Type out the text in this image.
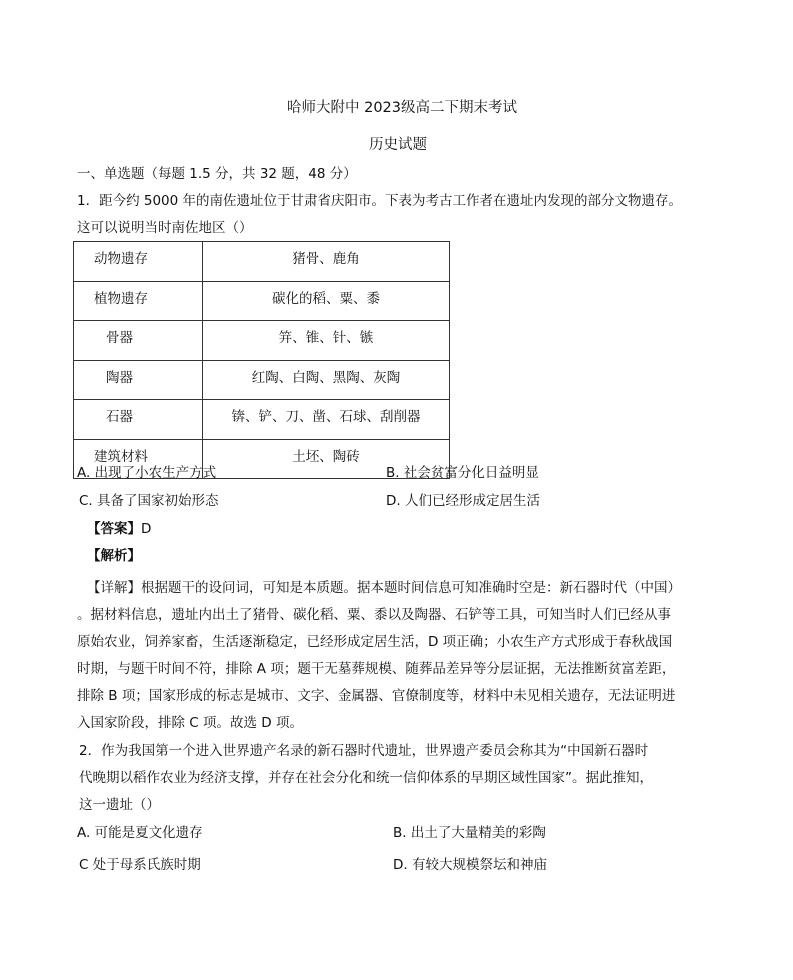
哈师大附中 2023级高二下期末考试
历史试题
一、单选题（每题 1.5 分，共 32 题，48 分）
1．距今约 5000 年的南佐遗址位于甘肃省庆阳市。下表为考古工作者在遗址内发现的部分文物遗存。
这可以说明当时南佐地区（）
动物遗存	猪骨、鹿角
植物遗存	碳化的稻、粟、黍
骨器	笄、锥、针、镞
陶器	红陶、白陶、黑陶、灰陶
石器	锛、铲、刀、凿、石球、刮削器
建筑材料	土坯、陶砖
A. 出现了小农生产方式	B. 社会贫富分化日益明显
C. 具备了国家初始形态	D. 人们已经形成定居生活
【答案】D
【解析】
【详解】根据题干的设问词，可知是本质题。据本题时间信息可知准确时空是：新石器时代（中国）
。据材料信息，遗址内出土了猪骨、碳化稻、粟、黍以及陶器、石铲等工具，可知当时人们已经从事
原始农业，饲养家畜，生活逐渐稳定，已经形成定居生活，D 项正确；小农生产方式形成于春秋战国
时期，与题干时间不符，排除 A 项；题干无墓葬规模、随葬品差异等分层证据，无法推断贫富差距，
排除 B 项；国家形成的标志是城市、文字、金属器、官僚制度等，材料中未见相关遗存，无法证明进
入国家阶段，排除 C 项。故选 D 项。
2．作为我国第一个进入世界遗产名录的新石器时代遗址，世界遗产委员会称其为“中国新石器时
代晚期以稻作农业为经济支撑，并存在社会分化和统一信仰体系的早期区域性国家”。据此推知，
这一遗址（）
A. 可能是夏文化遗存	B. 出土了大量精美的彩陶
C 处于母系氏族时期	D. 有较大规模祭坛和神庙
